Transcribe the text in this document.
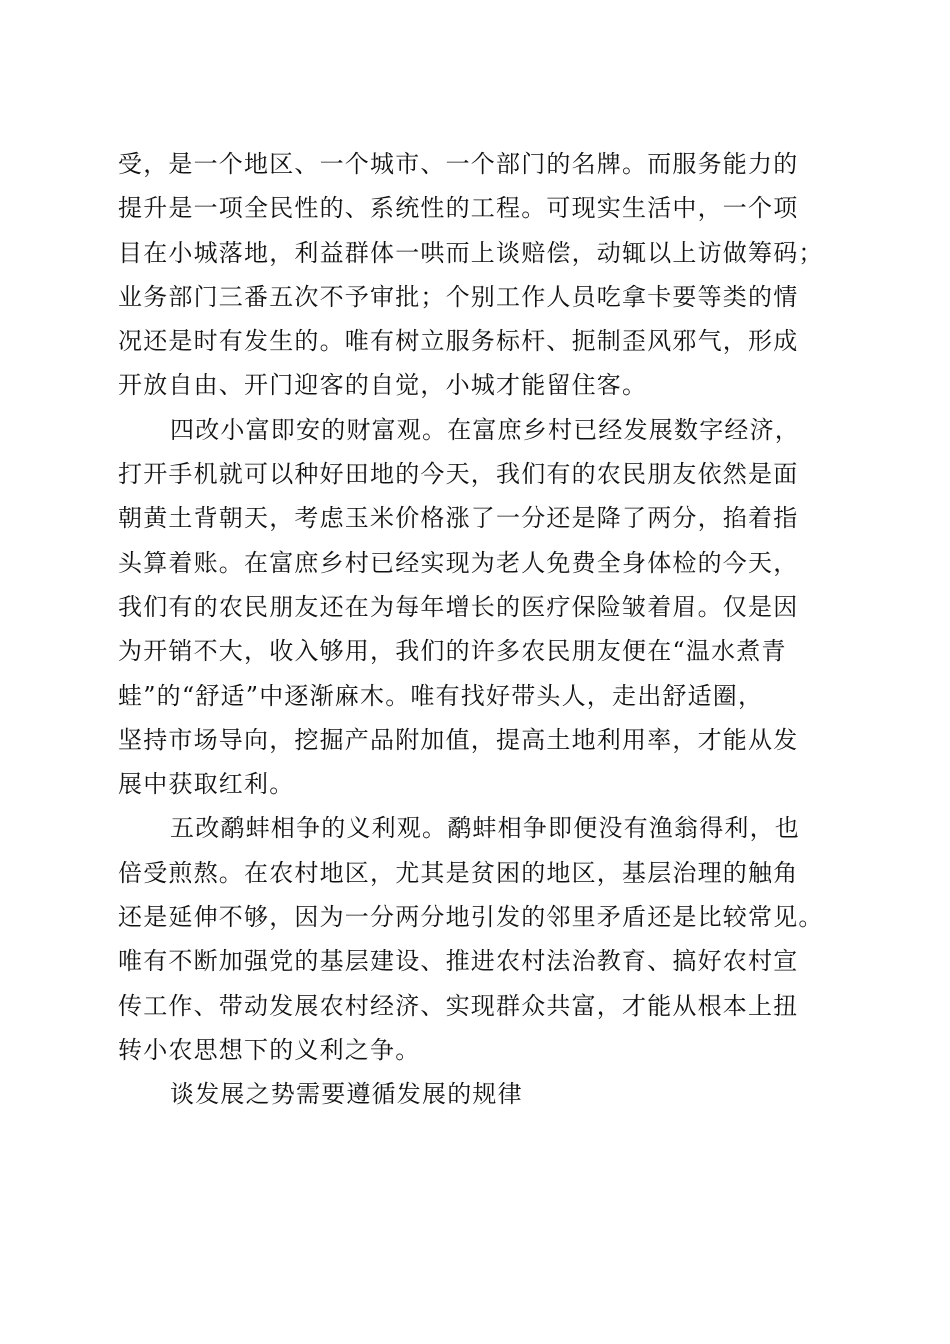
受，是一个地区、一个城市、一个部门的名牌。而服务能力的
提升是一项全民性的、系统性的工程。可现实生活中，一个项
目在小城落地，利益群体一哄而上谈赔偿，动辄以上访做筹码；
业务部门三番五次不予审批；个别工作人员吃拿卡要等类的情
况还是时有发生的。唯有树立服务标杆、扼制歪风邪气，形成
开放自由、开门迎客的自觉，小城才能留住客。

四改小富即安的财富观。在富庶乡村已经发展数字经济，
打开手机就可以种好田地的今天，我们有的农民朋友依然是面
朝黄土背朝天，考虑玉米价格涨了一分还是降了两分，掐着指
头算着账。在富庶乡村已经实现为老人免费全身体检的今天，
我们有的农民朋友还在为每年增长的医疗保险皱着眉。仅是因
为开销不大，收入够用，我们的许多农民朋友便在“温水煮青
蛙”的“舒适”中逐渐麻木。唯有找好带头人，走出舒适圈，
坚持市场导向，挖掘产品附加值，提高土地利用率，才能从发
展中获取红利。

五改鹬蚌相争的义利观。鹬蚌相争即便没有渔翁得利，也
倍受煎熬。在农村地区，尤其是贫困的地区，基层治理的触角
还是延伸不够，因为一分两分地引发的邻里矛盾还是比较常见。
唯有不断加强党的基层建设、推进农村法治教育、搞好农村宣
传工作、带动发展农村经济、实现群众共富，才能从根本上扭
转小农思想下的义利之争。

谈发展之势需要遵循发展的规律
